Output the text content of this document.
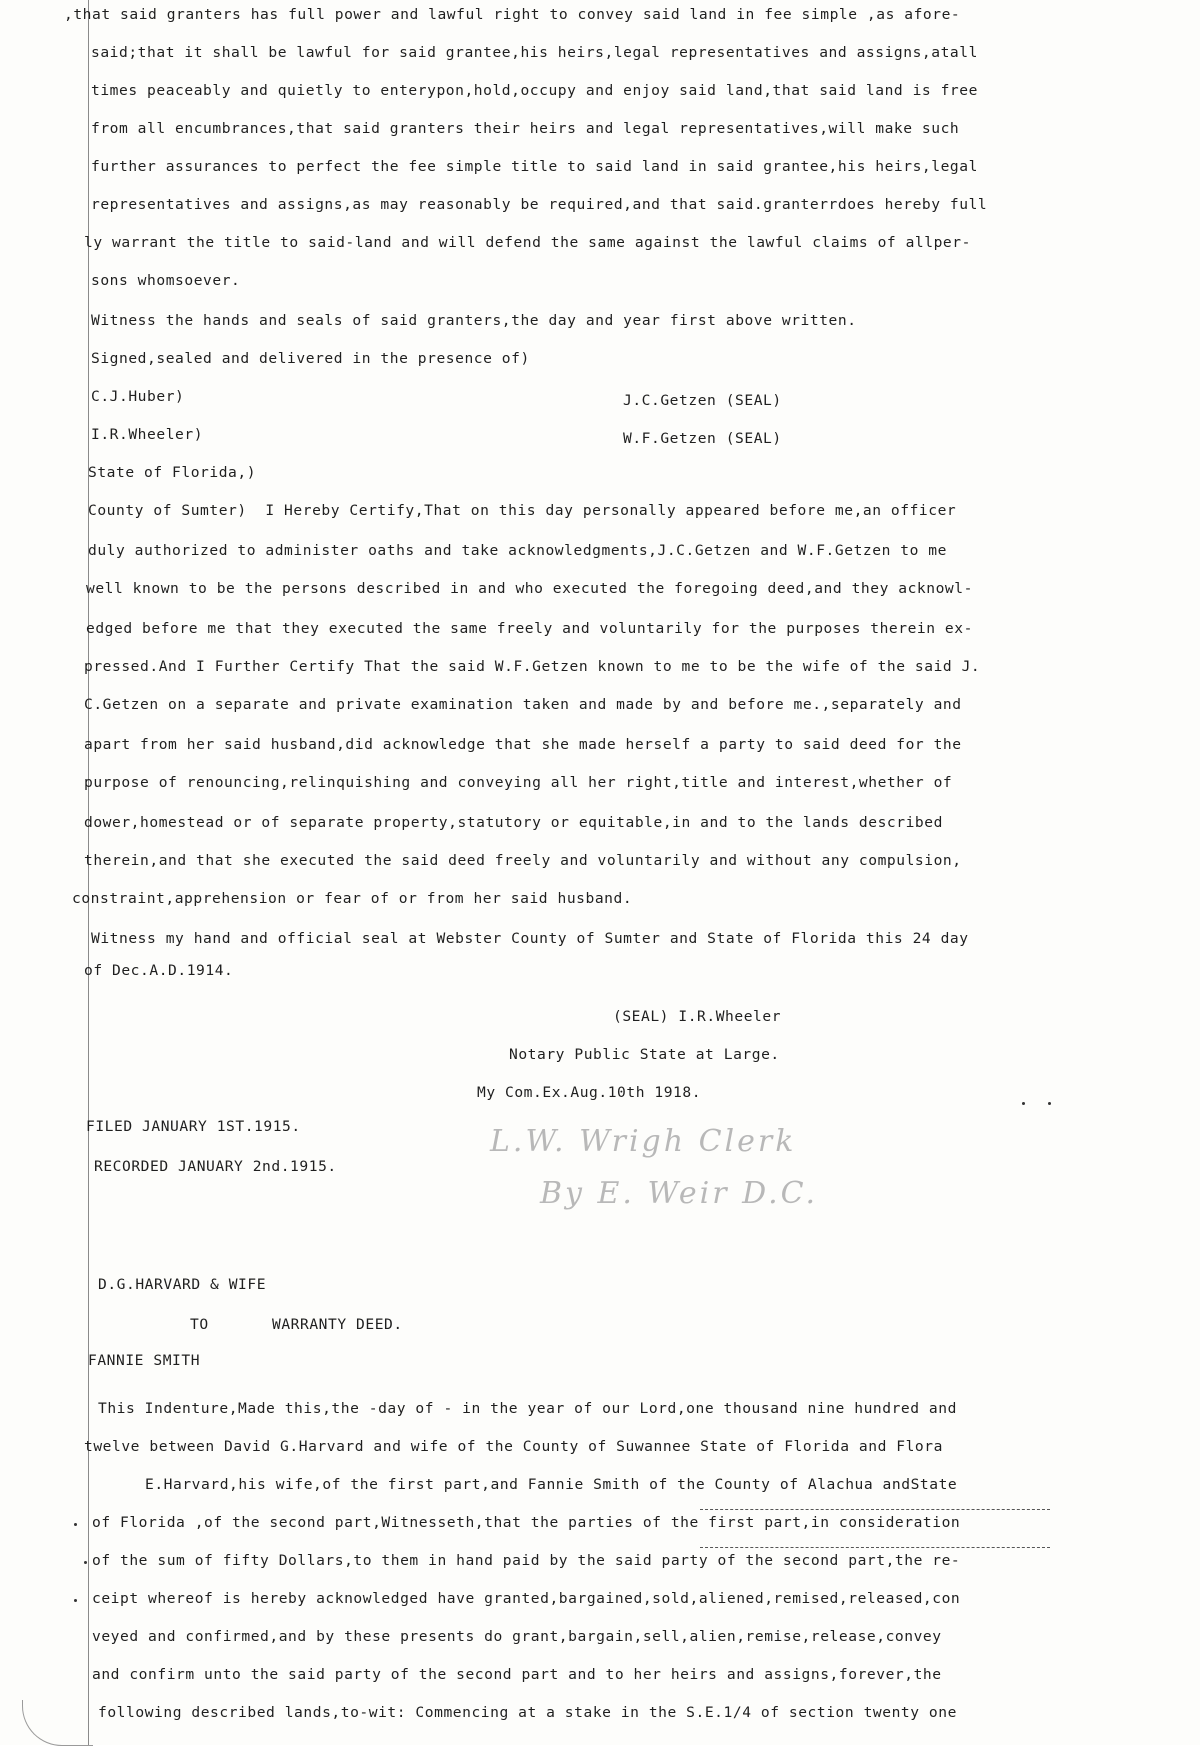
,that said granters has full power and lawful right to convey said land in fee simple ,as afore-
said;that it shall be lawful for said grantee,his heirs,legal representatives and assigns,atall
times peaceably and quietly to enterypon,hold,occupy and enjoy said land,that said land is free
from all encumbrances,that said granters their heirs and legal representatives,will make such
further assurances to perfect the fee simple title to said land in said grantee,his heirs,legal
representatives and assigns,as may reasonably be required,and that said.granterrdoes hereby full
ly warrant the title to said-land and will defend the same against the lawful claims of allper-
sons whomsoever.
Witness the hands and seals of said granters,the day and year first above written.
Signed,sealed and delivered in the presence of)
C.J.Huber)	J.C.Getzen (SEAL)
I.R.Wheeler)	W.F.Getzen (SEAL)
State of Florida,)
County of Sumter)  I Hereby Certify,That on this day personally appeared before me,an officer
duly authorized to administer oaths and take acknowledgments,J.C.Getzen and W.F.Getzen to me
well known to be the persons described in and who executed the foregoing deed,and they acknowl-
edged before me that they executed the same freely and voluntarily for the purposes therein ex-
pressed.And I Further Certify That the said W.F.Getzen known to me to be the wife of the said J.
C.Getzen on a separate and private examination taken and made by and before me.,separately and
apart from her said husband,did acknowledge that she made herself a party to said deed for the
purpose of renouncing,relinquishing and conveying all her right,title and interest,whether of
dower,homestead or of separate property,statutory or equitable,in and to the lands described
therein,and that she executed the said deed freely and voluntarily and without any compulsion,
constraint,apprehension or fear of or from her said husband.
Witness my hand and official seal at Webster County of Sumter and State of Florida this 24 day
of Dec.A.D.1914.
(SEAL) I.R.Wheeler
Notary Public State at Large.
My Com.Ex.Aug.10th 1918.
FILED JANUARY 1ST.1915.
RECORDED JANUARY 2nd.1915.
L.W. Wrigh Clerk
By E. Weir D.C.
D.G.HARVARD & WIFE
TO	WARRANTY DEED.
FANNIE SMITH
This Indenture,Made this,the -day of - in the year of our Lord,one thousand nine hundred and
twelve between David G.Harvard and wife of the County of Suwannee State of Florida and Flora
E.Harvard,his wife,of the first part,and Fannie Smith of the County of Alachua andState
of Florida ,of the second part,Witnesseth,that the parties of the first part,in consideration
of the sum of fifty Dollars,to them in hand paid by the said party of the second part,the re-
ceipt whereof is hereby acknowledged have granted,bargained,sold,aliened,remised,released,con
veyed and confirmed,and by these presents do grant,bargain,sell,alien,remise,release,convey
and confirm unto the said party of the second part and to her heirs and assigns,forever,the
following described lands,to-wit: Commencing at a stake in the S.E.1/4 of section twenty one
